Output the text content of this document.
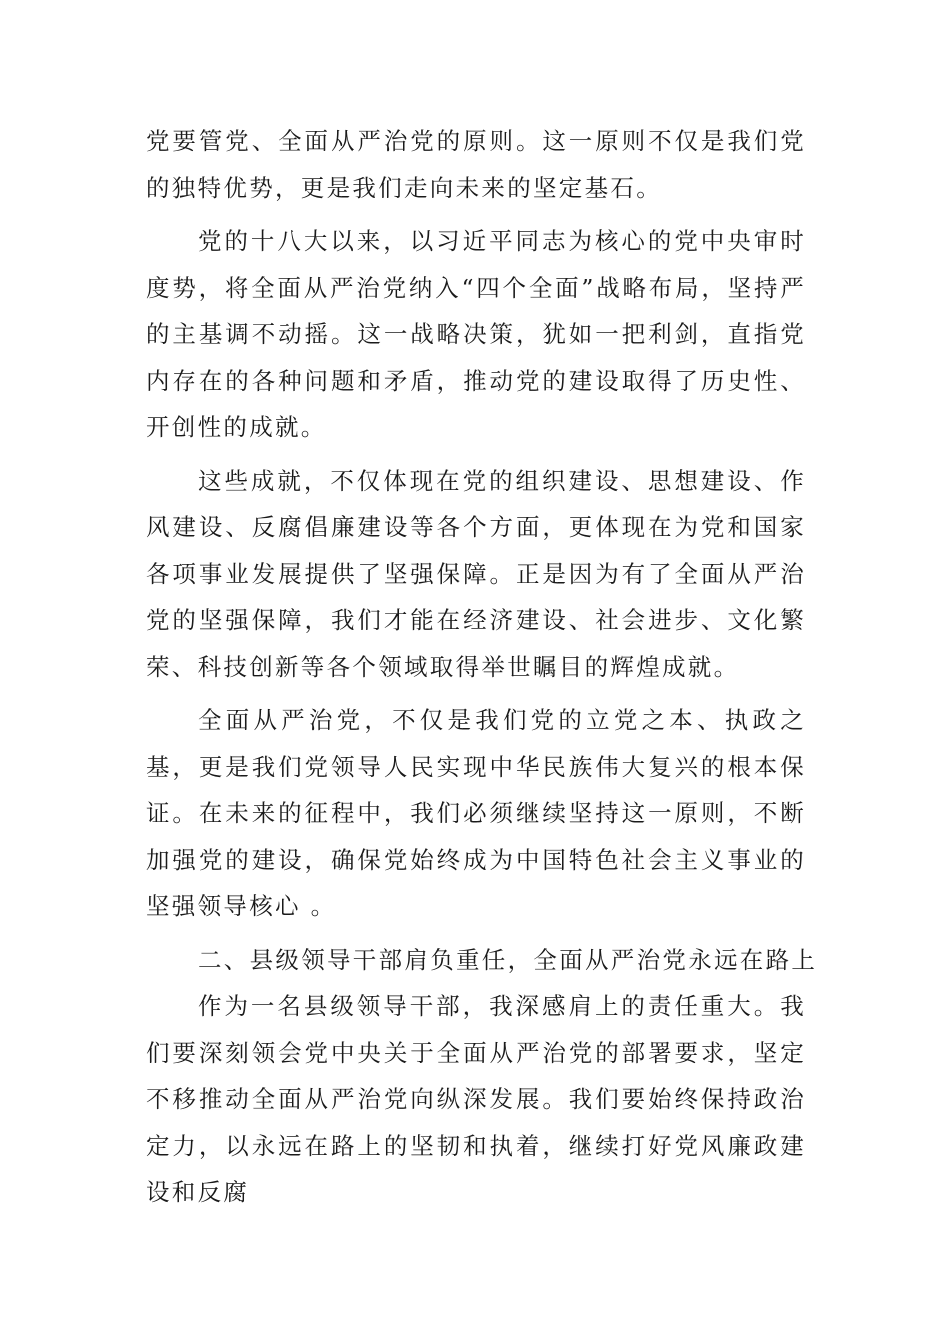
党要管党、全面从严治党的原则。这一原则不仅是我们党的独特优势，更是我们走向未来的坚定基石。

党的十八大以来，以习近平同志为核心的党中央审时度势，将全面从严治党纳入“四个全面”战略布局，坚持严的主基调不动摇。这一战略决策，犹如一把利剑，直指党内存在的各种问题和矛盾，推动党的建设取得了历史性、开创性的成就。

这些成就，不仅体现在党的组织建设、思想建设、作风建设、反腐倡廉建设等各个方面，更体现在为党和国家各项事业发展提供了坚强保障。正是因为有了全面从严治党的坚强保障，我们才能在经济建设、社会进步、文化繁荣、科技创新等各个领域取得举世瞩目的辉煌成就。

全面从严治党，不仅是我们党的立党之本、执政之基，更是我们党领导人民实现中华民族伟大复兴的根本保证。在未来的征程中，我们必须继续坚持这一原则，不断加强党的建设，确保党始终成为中国特色社会主义事业的坚强领导核心 。

二、县级领导干部肩负重任，全面从严治党永远在路上

作为一名县级领导干部，我深感肩上的责任重大。我们要深刻领会党中央关于全面从严治党的部署要求，坚定不移推动全面从严治党向纵深发展。我们要始终保持政治定力，以永远在路上的坚韧和执着，继续打好党风廉政建设和反腐
